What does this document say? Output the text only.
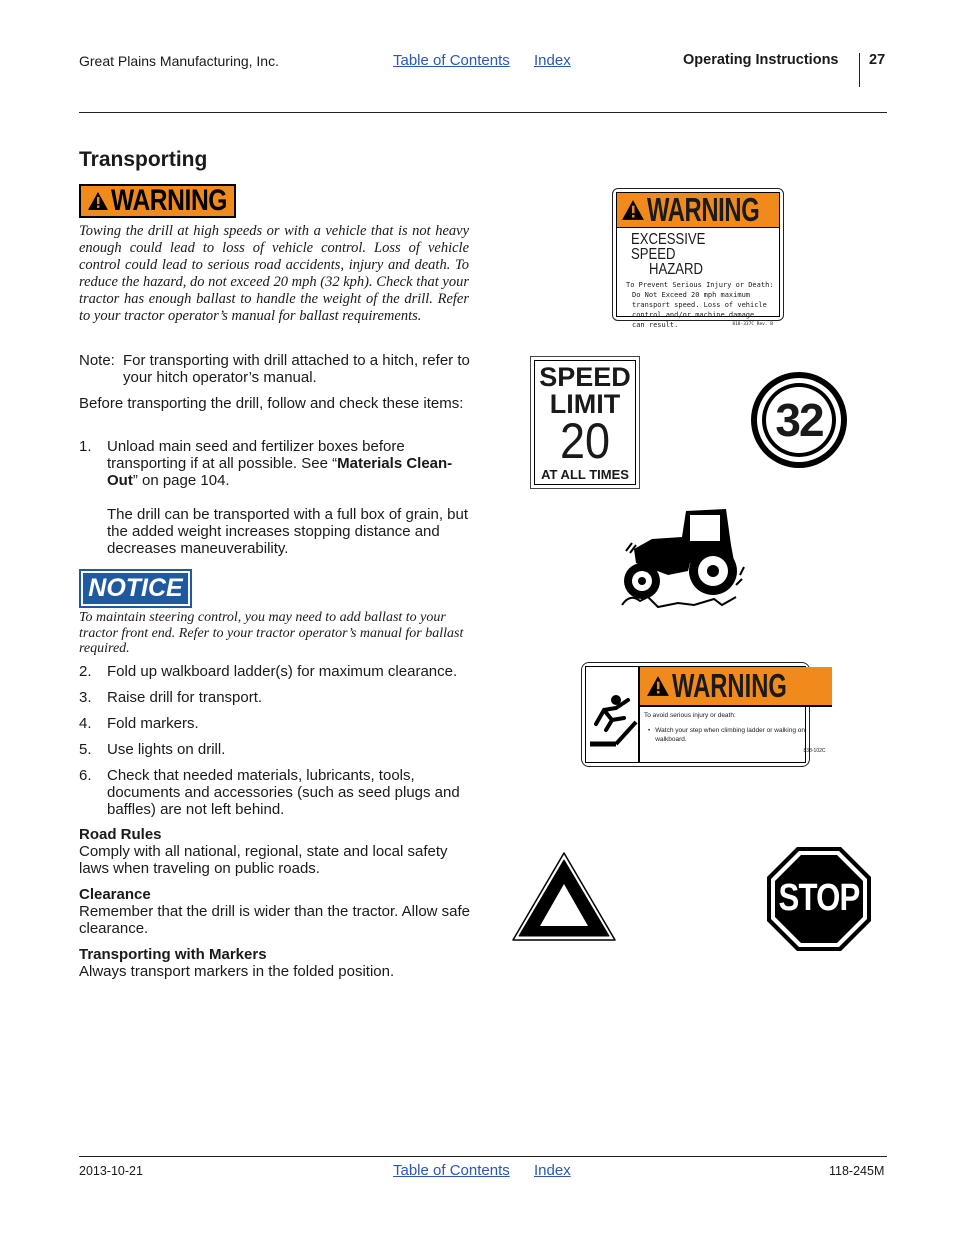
Great Plains Manufacturing, Inc.	Table of Contents Index	Operating Instructions 27
Transporting
WARNING
Towing the drill at high speeds or with a vehicle that is not heavy enough could lead to loss of vehicle control. Loss of vehicle control could lead to serious road accidents, injury and death. To reduce the hazard, do not exceed 20 mph (32 kph). Check that your tractor has enough ballast to handle the weight of the drill. Refer to your tractor operator’s manual for ballast requirements.
Note: For transporting with drill attached to a hitch, refer to your hitch operator’s manual.
Before transporting the drill, follow and check these items:
1. Unload main seed and fertilizer boxes before transporting if at all possible. See “Materials Clean-Out” on page 104.
The drill can be transported with a full box of grain, but the added weight increases stopping distance and decreases maneuverability.
NOTICE
To maintain steering control, you may need to add ballast to your tractor front end. Refer to your tractor operator’s manual for ballast required.
2. Fold up walkboard ladder(s) for maximum clearance.
3. Raise drill for transport.
4. Fold markers.
5. Use lights on drill.
6. Check that needed materials, lubricants, tools, documents and accessories (such as seed plugs and baffles) are not left behind.
Road Rules
Comply with all national, regional, state and local safety laws when traveling on public roads.
Clearance
Remember that the drill is wider than the tractor. Allow safe clearance.
Transporting with Markers
Always transport markers in the folded position.
WARNING
EXCESSIVE SPEED
HAZARD
To Prevent Serious Injury or Death:
Do Not Exceed 20 mph maximum
transport speed. Loss of vehicle
control and/or machine damage
can result.	818-337C Rev. B
SPEED
LIMIT
20
AT ALL TIMES
32
WARNING
To avoid serious injury or death:
• Watch your step when climbing ladder or walking on walkboard.
838-102C
STOP
2013-10-21	Table of Contents Index	118-245M
